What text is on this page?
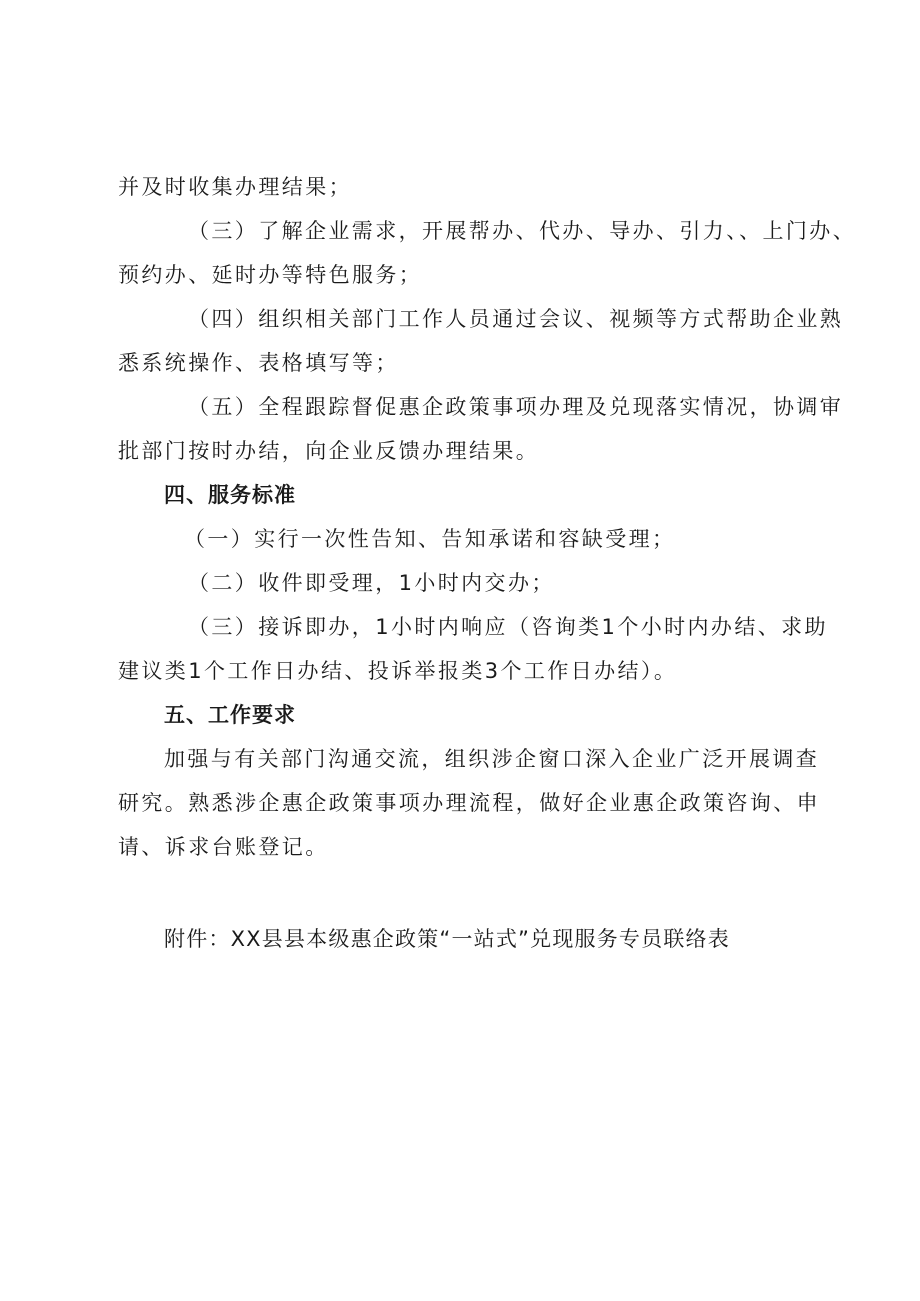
并及时收集办理结果；
（三）了解企业需求，开展帮办、代办、导办、引力、、上门办、
预约办、延时办等特色服务；
（四）组织相关部门工作人员通过会议、视频等方式帮助企业熟
悉系统操作、表格填写等；
（五）全程跟踪督促惠企政策事项办理及兑现落实情况，协调审
批部门按时办结，向企业反馈办理结果。
四、服务标准
（一）实行一次性告知、告知承诺和容缺受理；
（二）收件即受理，1小时内交办；
（三）接诉即办，1小时内响应（咨询类1个小时内办结、求助
建议类1个工作日办结、投诉举报类3个工作日办结）。
五、工作要求
加强与有关部门沟通交流，组织涉企窗口深入企业广泛开展调查
研究。熟悉涉企惠企政策事项办理流程，做好企业惠企政策咨询、申
请、诉求台账登记。
附件：XX县县本级惠企政策“一站式”兑现服务专员联络表
